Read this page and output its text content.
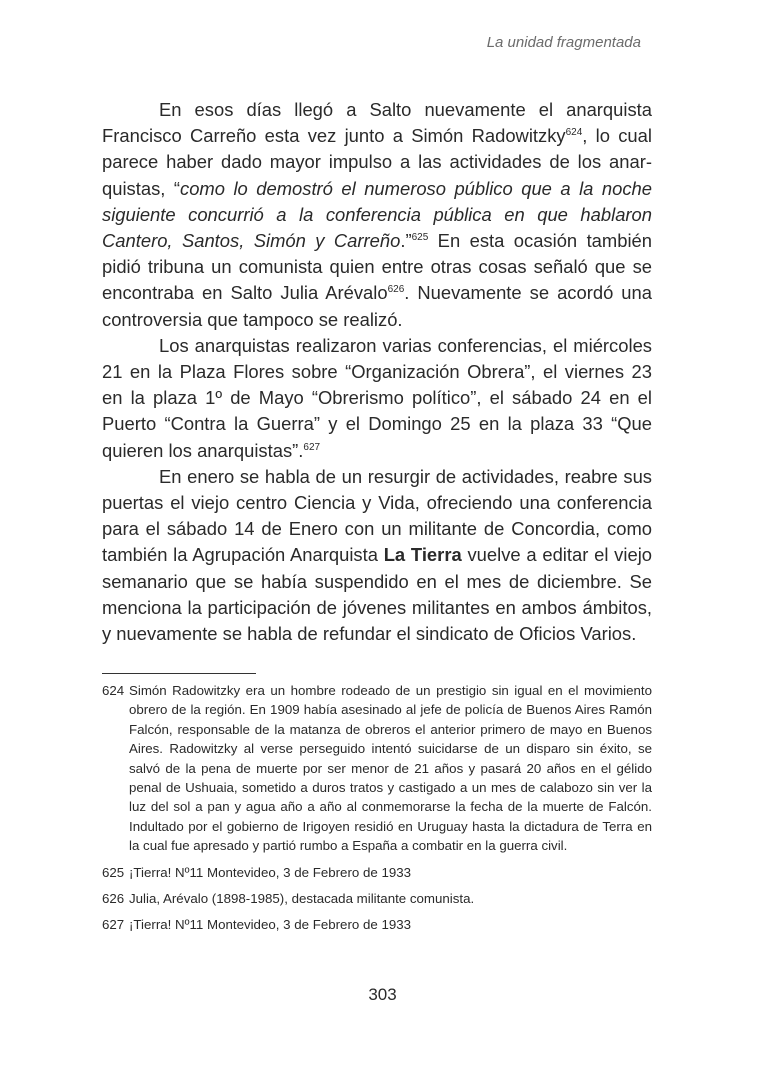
La unidad fragmentada

En esos días llegó a Salto nuevamente el anarquista Francisco Carreño esta vez junto a Simón Radowitzky$^{624}$, lo cual parece haber dado mayor impulso a las actividades de los anarquistas, “como lo demostró el numeroso público que a la noche siguiente concurrió a la conferencia pública en que hablaron Cantero, Santos, Simón y Carreño.”$^{625}$ En esta ocasión también pidió tribuna un comunista quien entre otras cosas señaló que se encontraba en Salto Julia Arévalo$^{626}$. Nuevamente se acordó una controversia que tampoco se realizó.

Los anarquistas realizaron varias conferencias, el miércoles 21 en la Plaza Flores sobre “Organización Obrera”, el viernes 23 en la plaza 1º de Mayo “Obrerismo político”, el sábado 24 en el Puerto “Contra la Guerra” y el Domingo 25 en la plaza 33 “Que quieren los anarquistas”.$^{627}$

En enero se habla de un resurgir de actividades, reabre sus puertas el viejo centro Ciencia y Vida, ofreciendo una conferencia para el sábado 14 de Enero con un militante de Concordia, como también la Agrupación Anarquista La Tierra vuelve a editar el viejo semanario que se había suspendido en el mes de diciembre. Se menciona la participación de jóvenes militantes en ambos ámbitos, y nuevamente se habla de refundar el sindicato de Oficios Varios.

624 Simón Radowitzky era un hombre rodeado de un prestigio sin igual en el movimiento obrero de la región. En 1909 había asesinado al jefe de policía de Buenos Aires Ramón Falcón, responsable de la matanza de obreros el anterior primero de mayo en Buenos Aires. Radowitzky al verse perseguido intentó suicidarse de un disparo sin éxito, se salvó de la pena de muerte por ser menor de 21 años y pasará 20 años en el gélido penal de Ushuaia, sometido a duros tratos y castigado a un mes de calabozo sin ver la luz del sol a pan y agua año a año al conmemorarse la fecha de la muerte de Falcón. Indultado por el gobierno de Irigoyen residió en Uruguay hasta la dictadura de Terra en la cual fue apresado y partió rumbo a España a combatir en la guerra civil.
625 ¡Tierra! Nº11 Montevideo, 3 de Febrero de 1933
626 Julia, Arévalo (1898-1985), destacada militante comunista.
627 ¡Tierra! Nº11 Montevideo, 3 de Febrero de 1933
303
